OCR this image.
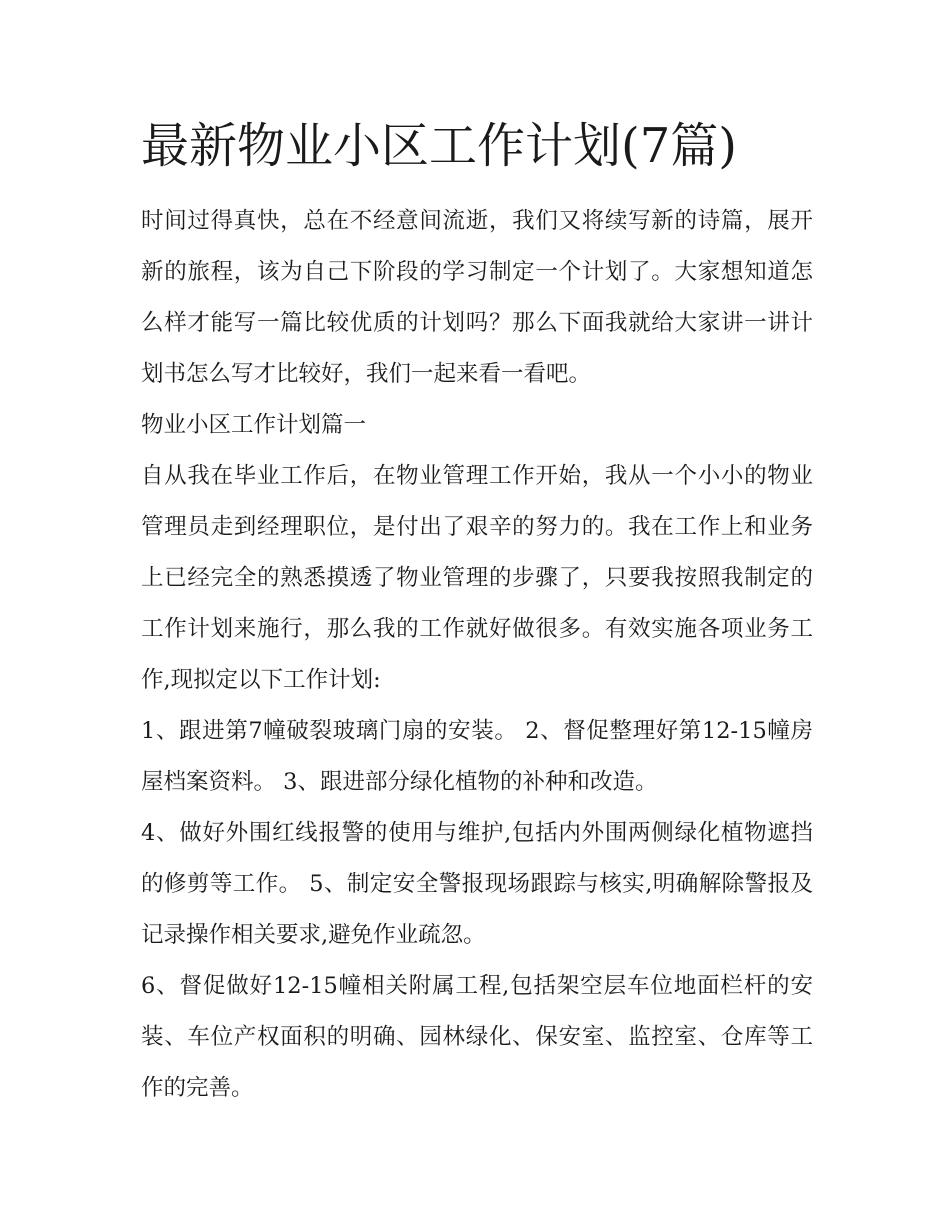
最新物业小区工作计划(7篇)

时间过得真快，总在不经意间流逝，我们又将续写新的诗篇，展开新的旅程，该为自己下阶段的学习制定一个计划了。大家想知道怎么样才能写一篇比较优质的计划吗？那么下面我就给大家讲一讲计划书怎么写才比较好，我们一起来看一看吧。

物业小区工作计划篇一

自从我在毕业工作后，在物业管理工作开始，我从一个小小的物业管理员走到经理职位，是付出了艰辛的努力的。我在工作上和业务上已经完全的熟悉摸透了物业管理的步骤了，只要我按照我制定的工作计划来施行，那么我的工作就好做很多。有效实施各项业务工作,现拟定以下工作计划:

1、跟进第7幢破裂玻璃门扇的安装。 2、督促整理好第12-15幢房屋档案资料。 3、跟进部分绿化植物的补种和改造。

4、做好外围红线报警的使用与维护,包括内外围两侧绿化植物遮挡的修剪等工作。 5、制定安全警报现场跟踪与核实,明确解除警报及记录操作相关要求,避免作业疏忽。

6、督促做好12-15幢相关附属工程,包括架空层车位地面栏杆的安装、车位产权面积的明确、园林绿化、保安室、监控室、仓库等工作的完善。
